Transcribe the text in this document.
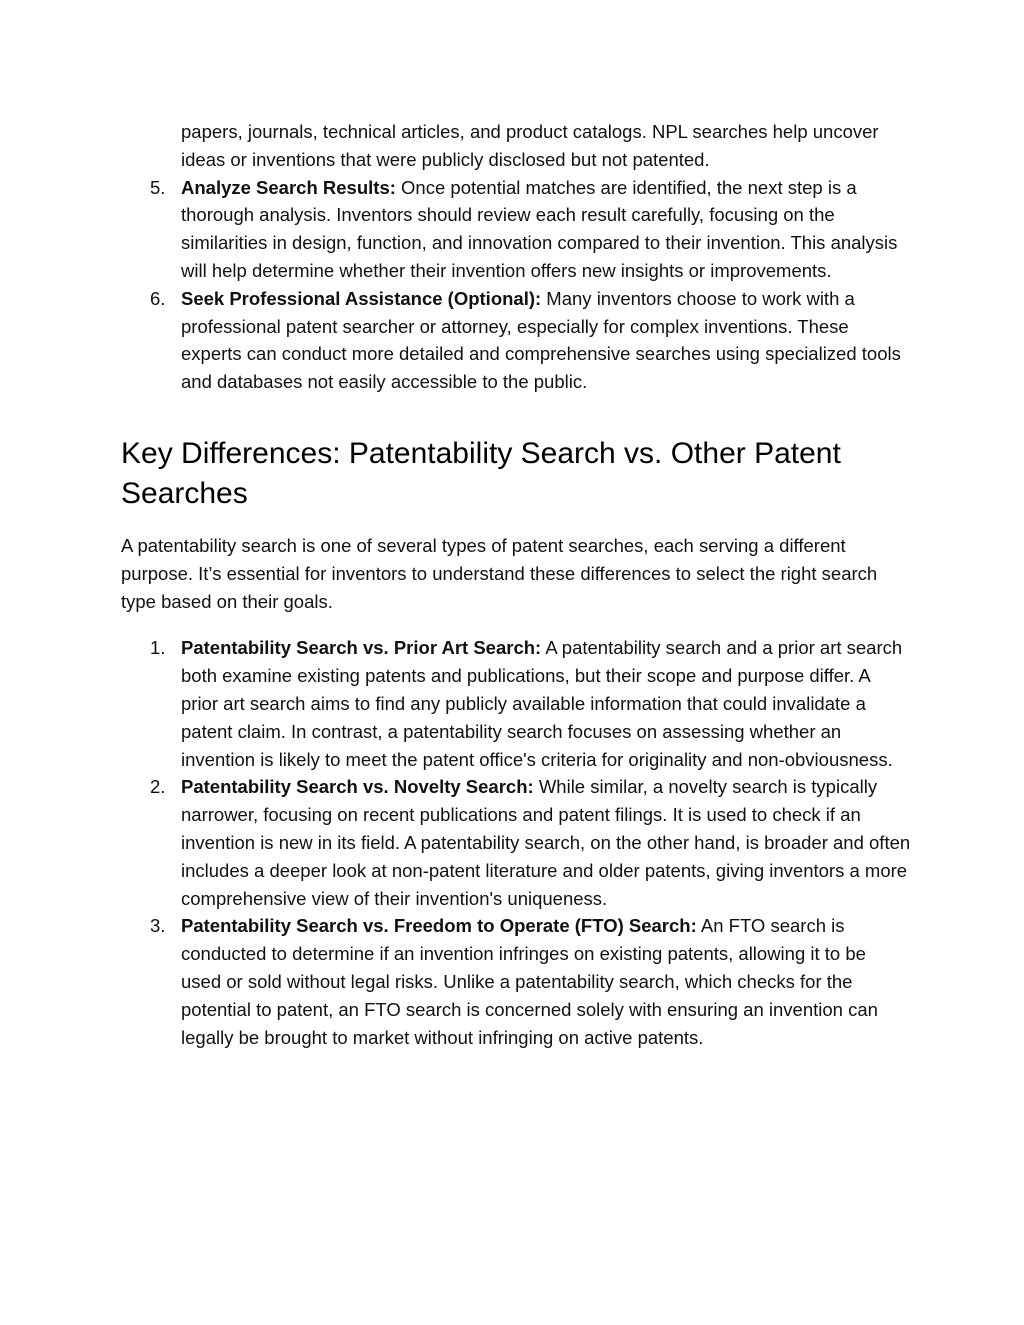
papers, journals, technical articles, and product catalogs. NPL searches help uncover ideas or inventions that were publicly disclosed but not patented.
5. Analyze Search Results: Once potential matches are identified, the next step is a thorough analysis. Inventors should review each result carefully, focusing on the similarities in design, function, and innovation compared to their invention. This analysis will help determine whether their invention offers new insights or improvements.
6. Seek Professional Assistance (Optional): Many inventors choose to work with a professional patent searcher or attorney, especially for complex inventions. These experts can conduct more detailed and comprehensive searches using specialized tools and databases not easily accessible to the public.
Key Differences: Patentability Search vs. Other Patent Searches

A patentability search is one of several types of patent searches, each serving a different purpose. It’s essential for inventors to understand these differences to select the right search type based on their goals.

1. Patentability Search vs. Prior Art Search: A patentability search and a prior art search both examine existing patents and publications, but their scope and purpose differ. A prior art search aims to find any publicly available information that could invalidate a patent claim. In contrast, a patentability search focuses on assessing whether an invention is likely to meet the patent office's criteria for originality and non-obviousness.
2. Patentability Search vs. Novelty Search: While similar, a novelty search is typically narrower, focusing on recent publications and patent filings. It is used to check if an invention is new in its field. A patentability search, on the other hand, is broader and often includes a deeper look at non-patent literature and older patents, giving inventors a more comprehensive view of their invention's uniqueness.
3. Patentability Search vs. Freedom to Operate (FTO) Search: An FTO search is conducted to determine if an invention infringes on existing patents, allowing it to be used or sold without legal risks. Unlike a patentability search, which checks for the potential to patent, an FTO search is concerned solely with ensuring an invention can legally be brought to market without infringing on active patents.
